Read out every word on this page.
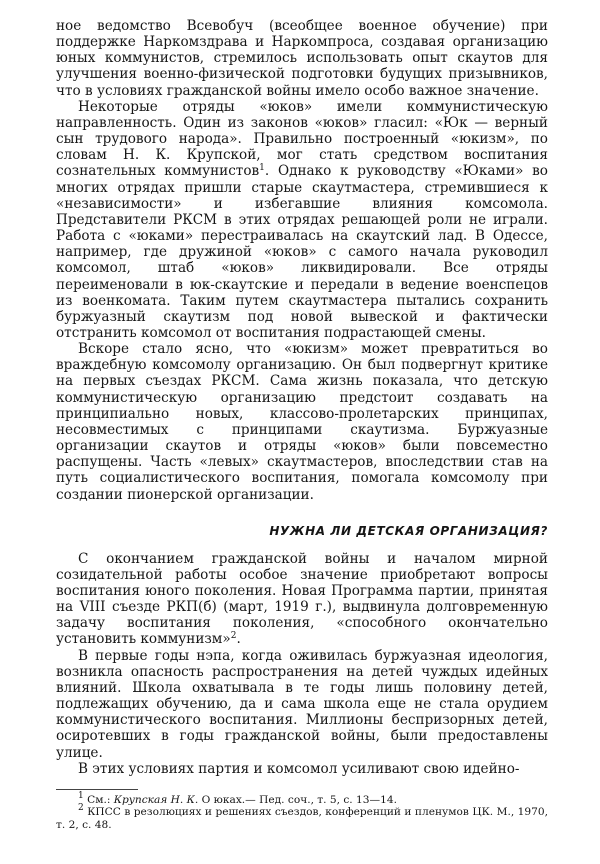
ное ведомство Всевобуч (всеобщее военное обучение) при поддержке Наркомздрава и Наркомпроса, создавая организацию юных коммунистов, стремилось использовать опыт скаутов для улучшения военно-физической подготовки будущих призывников, что в условиях гражданской войны имело особо важное значение.

Некоторые отряды «юков» имели коммунистическую направленность. Один из законов «юков» гласил: «Юк — верный сын трудового народа». Правильно построенный «юкизм», по словам Н. К. Крупской, мог стать средством воспитания сознательных коммунистов$^1$. Однако к руководству «Юками» во многих отрядах пришли старые скаутмастера, стремившиеся к «независимости» и избегавшие влияния комсомола. Представители РКСМ в этих отрядах решающей роли не играли. Работа с «юками» перестраивалась на скаутский лад. В Одессе, например, где дружиной «юков» с самого начала руководил комсомол, штаб «юков» ликвидировали. Все отряды переименовали в юк-скаутские и передали в ведение военспецов из военкомата. Таким путем скаутмастера пытались сохранить буржуазный скаутизм под новой вывеской и фактически отстранить комсомол от воспитания подрастающей смены.

Вскоре стало ясно, что «юкизм» может превратиться во враждебную комсомолу организацию. Он был подвергнут критике на первых съездах РКСМ. Сама жизнь показала, что детскую коммунистическую организацию предстоит создавать на принципиально новых, классово-пролетарских принципах, несовместимых с принципами скаутизма. Буржуазные организации скаутов и отряды «юков» были повсеместно распущены. Часть «левых» скаутмастеров, впоследствии став на путь социалистического воспитания, помогала комсомолу при создании пионерской организации.

НУЖНА ЛИ ДЕТСКАЯ ОРГАНИЗАЦИЯ?

С окончанием гражданской войны и началом мирной созидательной работы особое значение приобретают вопросы воспитания юного поколения. Новая Программа партии, принятая на VIII съезде РКП(б) (март, 1919 г.), выдвинула долговременную задачу воспитания поколения, «способного окончательно установить коммунизм»$^2$.

В первые годы нэпа, когда оживилась буржуазная идеология, возникла опасность распространения на детей чуждых идейных влияний. Школа охватывала в те годы лишь половину детей, подлежащих обучению, да и сама школа еще не стала орудием коммунистического воспитания. Миллионы беспризорных детей, осиротевших в годы гражданской войны, были предоставлены улице.

В этих условиях партия и комсомол усиливают свою идейно-

$^1$ См.: Крупская Н. К. О юках.— Пед. соч., т. 5, с. 13—14.

$^2$ КПСС в резолюциях и решениях съездов, конференций и пленумов ЦК. М., 1970, т. 2, с. 48.
